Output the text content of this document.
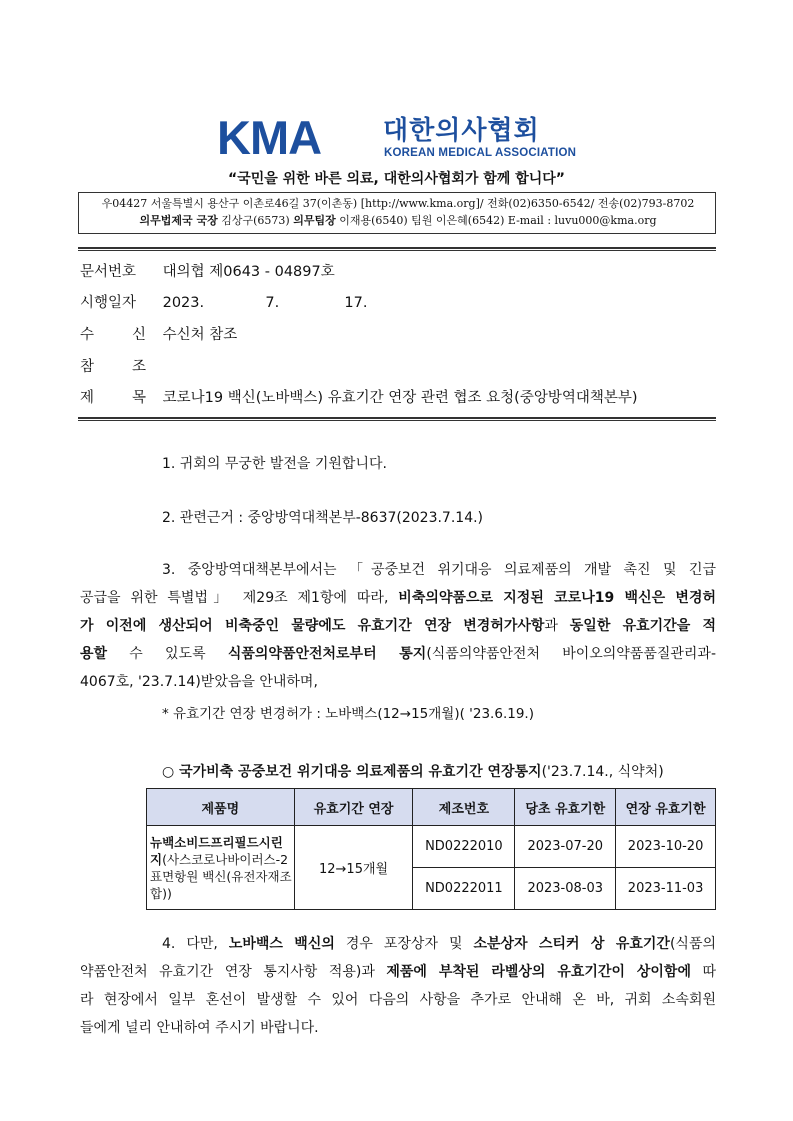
KMA 대한의사협회
KOREAN MEDICAL ASSOCIATION
“국민을 위한 바른 의료, 대한의사협회가 함께 합니다”
우04427 서울특별시 용산구 이촌로46길 37(이촌동) [http://www.kma.org]/ 전화(02)6350-6542/ 전송(02)793-8702
의무법제국 국장 김상구(6573) 의무팀장 이재용(6540) 팀원 이은혜(6542) E-mail : luvu000@kma.org
문서번호 대의협 제0643 - 04897호
시행일자 2023.	7.	17.
수	신 수신처 참조
참	조
제	목 코로나19 백신(노바백스) 유효기간 연장 관련 협조 요청(중앙방역대책본부)
1. 귀회의 무궁한 발전을 기원합니다.
2. 관련근거 : 중앙방역대책본부-8637(2023.7.14.)
3. 중앙방역대책본부에서는 「공중보건 위기대응 의료제품의 개발 촉진 및 긴급
공급을 위한 특별법」 제29조 제1항에 따라, 비축의약품으로 지정된 코로나19 백신은 변경허
가 이전에 생산되어 비축중인 물량에도 유효기간 연장 변경허가사항과 동일한 유효기간을 적
용할 수 있도록 식품의약품안전처로부터 통지(식품의약품안전처 바이오의약품품질관리과-
4067호, '23.7.14)받았음을 안내하며,
* 유효기간 연장 변경허가 : 노바백스(12→15개월)( '23.6.19.)
○ 국가비축 공중보건 위기대응 의료제품의 유효기간 연장통지('23.7.14., 식약처)
제품명	유효기간 연장	제조번호	당초 유효기한	연장 유효기한
뉴백소비드프리필드시린지(사스코로나바이러스-2 표면항원 백신(유전자재조합))	12→15개월	ND0222010	2023-07-20	2023-10-20
		ND0222011	2023-08-03	2023-11-03
4. 다만, 노바백스 백신의 경우 포장상자 및 소분상자 스티커 상 유효기간(식품의
약품안전처 유효기간 연장 통지사항 적용)과 제품에 부착된 라벨상의 유효기간이 상이함에 따
라 현장에서 일부 혼선이 발생할 수 있어 다음의 사항을 추가로 안내해 온 바, 귀회 소속회원
들에게 널리 안내하여 주시기 바랍니다.
